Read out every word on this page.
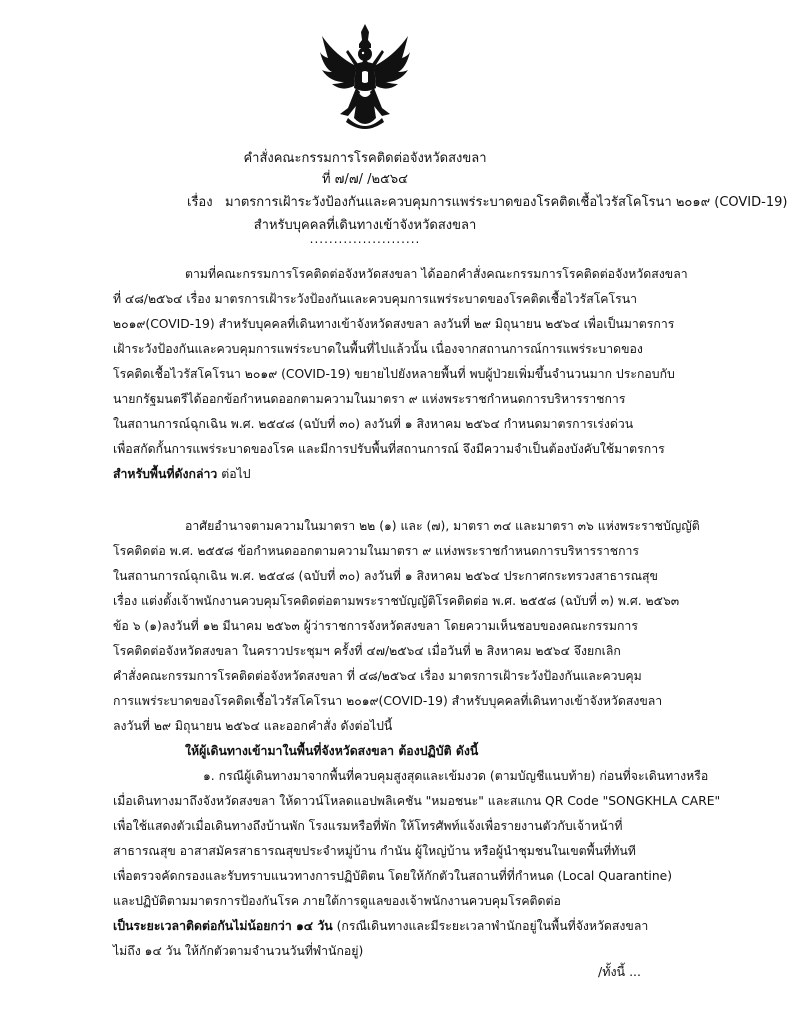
คำสั่งคณะกรรมการโรคติดต่อจังหวัดสงขลา
ที่ ๗/๗/ /๒๕๖๔
เรื่อง มาตรการเฝ้าระวังป้องกันและควบคุมการแพร่ระบาดของโรคติดเชื้อไวรัสโคโรนา ๒๐๑๙ (COVID-19)
สำหรับบุคคลที่เดินทางเข้าจังหวัดสงขลา
.......................
ตามที่คณะกรรมการโรคติดต่อจังหวัดสงขลา ได้ออกคำสั่งคณะกรรมการโรคติดต่อจังหวัดสงขลา
ที่ ๔๘/๒๕๖๔ เรื่อง มาตรการเฝ้าระวังป้องกันและควบคุมการแพร่ระบาดของโรคติดเชื้อไวรัสโคโรนา
๒๐๑๙(COVID-19) สำหรับบุคคลที่เดินทางเข้าจังหวัดสงขลา ลงวันที่ ๒๙ มิถุนายน ๒๕๖๔ เพื่อเป็นมาตรการ
เฝ้าระวังป้องกันและควบคุมการแพร่ระบาดในพื้นที่ไปแล้วนั้น เนื่องจากสถานการณ์การแพร่ระบาดของ
โรคติดเชื้อไวรัสโคโรนา ๒๐๑๙ (COVID-19) ขยายไปยังหลายพื้นที่ พบผู้ป่วยเพิ่มขึ้นจำนวนมาก ประกอบกับ
นายกรัฐมนตรีได้ออกข้อกำหนดออกตามความในมาตรา ๙ แห่งพระราชกำหนดการบริหารราชการ
ในสถานการณ์ฉุกเฉิน พ.ศ. ๒๕๔๘ (ฉบับที่ ๓๐) ลงวันที่ ๑ สิงหาคม ๒๕๖๔ กำหนดมาตรการเร่งด่วน
เพื่อสกัดกั้นการแพร่ระบาดของโรค และมีการปรับพื้นที่สถานการณ์ จึงมีความจำเป็นต้องบังคับใช้มาตรการ
สำหรับพื้นที่ดังกล่าว ต่อไป
อาศัยอำนาจตามความในมาตรา ๒๒ (๑) และ (๗), มาตรา ๓๔ และมาตรา ๓๖ แห่งพระราชบัญญัติ
โรคติดต่อ พ.ศ. ๒๕๕๘ ข้อกำหนดออกตามความในมาตรา ๙ แห่งพระราชกำหนดการบริหารราชการ
ในสถานการณ์ฉุกเฉิน พ.ศ. ๒๕๔๘ (ฉบับที่ ๓๐) ลงวันที่ ๑ สิงหาคม ๒๕๖๔ ประกาศกระทรวงสาธารณสุข
เรื่อง แต่งตั้งเจ้าพนักงานควบคุมโรคติดต่อตามพระราชบัญญัติโรคติดต่อ พ.ศ. ๒๕๕๘ (ฉบับที่ ๓) พ.ศ. ๒๕๖๓
ข้อ ๖ (๑)ลงวันที่ ๑๒ มีนาคม ๒๕๖๓ ผู้ว่าราชการจังหวัดสงขลา โดยความเห็นชอบของคณะกรรมการ
โรคติดต่อจังหวัดสงขลา ในคราวประชุมฯ ครั้งที่ ๔๗/๒๕๖๔ เมื่อวันที่ ๒ สิงหาคม ๒๕๖๔ จึงยกเลิก
คำสั่งคณะกรรมการโรคติดต่อจังหวัดสงขลา ที่ ๔๘/๒๕๖๔ เรื่อง มาตรการเฝ้าระวังป้องกันและควบคุม
การแพร่ระบาดของโรคติดเชื้อไวรัสโคโรนา ๒๐๑๙(COVID-19) สำหรับบุคคลที่เดินทางเข้าจังหวัดสงขลา
ลงวันที่ ๒๙ มิถุนายน ๒๕๖๔ และออกคำสั่ง ดังต่อไปนี้
ให้ผู้เดินทางเข้ามาในพื้นที่จังหวัดสงขลา ต้องปฏิบัติ ดังนี้
๑. กรณีผู้เดินทางมาจากพื้นที่ควบคุมสูงสุดและเข้มงวด (ตามบัญชีแนบท้าย) ก่อนที่จะเดินทางหรือ
เมื่อเดินทางมาถึงจังหวัดสงขลา ให้ดาวน์โหลดแอปพลิเคชัน "หมอชนะ" และสแกน QR Code "SONGKHLA CARE"
เพื่อใช้แสดงตัวเมื่อเดินทางถึงบ้านพัก โรงแรมหรือที่พัก ให้โทรศัพท์แจ้งเพื่อรายงานตัวกับเจ้าหน้าที่
สาธารณสุข อาสาสมัครสาธารณสุขประจำหมู่บ้าน กำนัน ผู้ใหญ่บ้าน หรือผู้นำชุมชนในเขตพื้นที่ทันที
เพื่อตรวจคัดกรองและรับทราบแนวทางการปฏิบัติตน โดยให้กักตัวในสถานที่ที่กำหนด (Local Quarantine)
และปฏิบัติตามมาตรการป้องกันโรค ภายใต้การดูแลของเจ้าพนักงานควบคุมโรคติดต่อ
เป็นระยะเวลาติดต่อกันไม่น้อยกว่า ๑๔ วัน (กรณีเดินทางและมีระยะเวลาพำนักอยู่ในพื้นที่จังหวัดสงขลา
ไม่ถึง ๑๔ วัน ให้กักตัวตามจำนวนวันที่พำนักอยู่)
/ทั้งนี้ ...
